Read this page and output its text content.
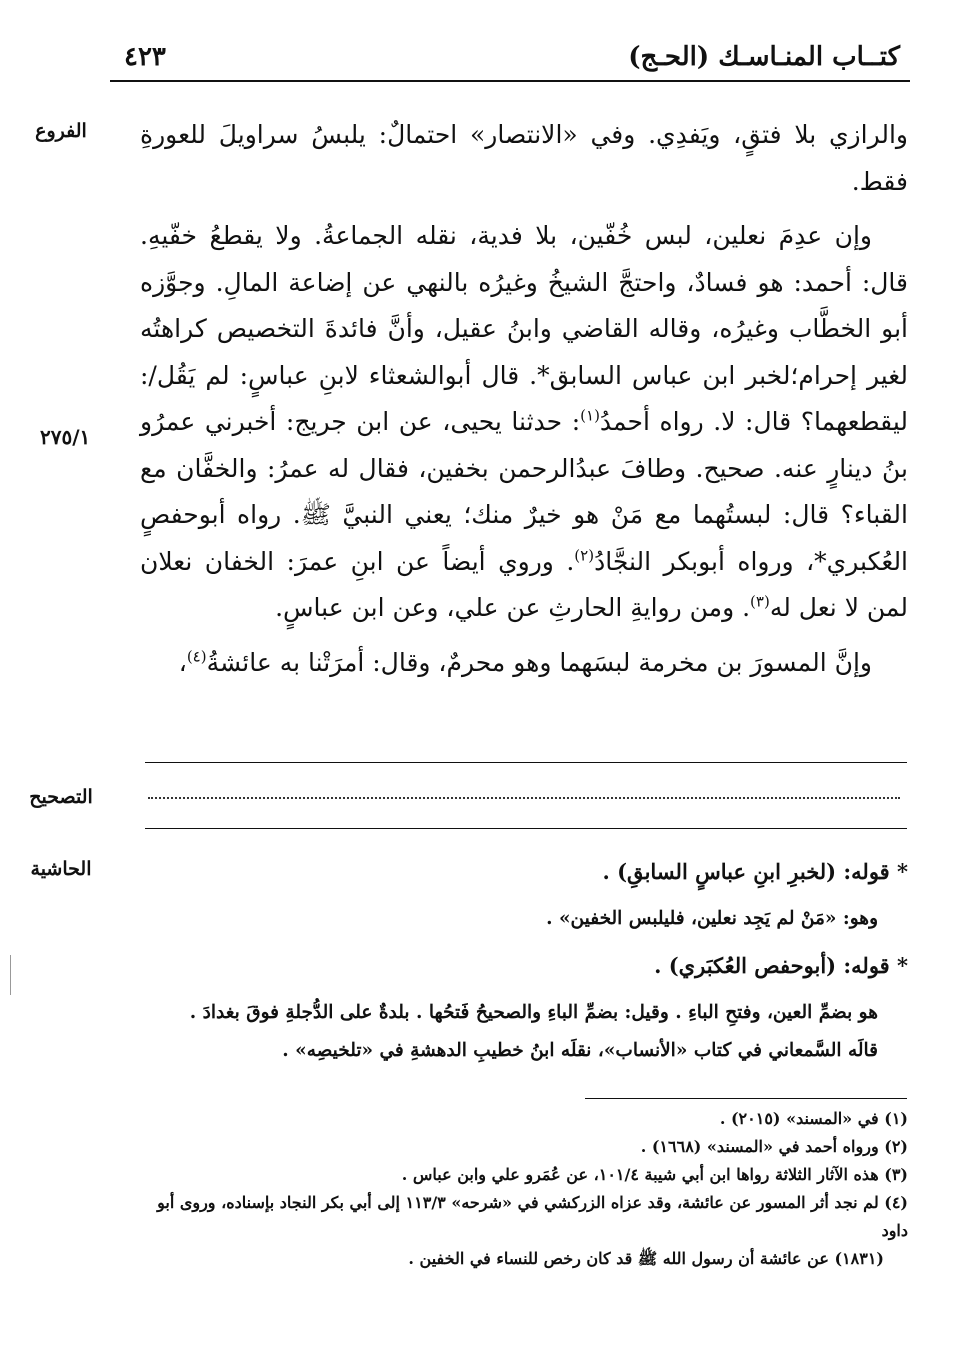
كتــاب المنـاسـك (الحـج)
٤٢٣
الفروع
٢٧٥/١
التصحيح
الحاشية

والرازي بلا فتقٍ، ويَفدِي. وفي «الانتصار» احتمالٌ: يلبسُ سراويلَ للعورةِ فقط.

وإن عدِمَ نعلين، لبس خُفّين، بلا فدية، نقله الجماعةُ. ولا يقطعُ خفّيهِ. قال: أحمد: هو فسادٌ، واحتجَّ الشيخُ وغيرُه بالنهي عن إضاعة المالِ. وجوَّزه أبو الخطَّاب وغيرُه، وقاله القاضي وابنُ عقيل، وأنَّ فائدةَ التخصيص كراهتُه لغير إحرام؛لخبر ابن عباس السابق*. قال أبوالشعثاء لابنِ عباسٍ: لم يَقُل/: ليقطعهما؟ قال: لا. رواه أحمدُ$^{(١)}$: حدثنا يحيى، عن ابن جريج: أخبرني عمرُو بنُ دينارٍ عنه. صحيح. وطافَ عبدُالرحمن بخفين، فقال له عمرُ: والخفَّان مع القباء؟ قال: لبستُهما مع مَنْ هو خيرٌ منك؛ يعني النبيَّ ﷺ. رواه أبوحفصٍ العُكبري*، ورواه أبوبكر النجَّادُ$^{(٢)}$. وروي أيضاً عن ابنِ عمرَ: الخفان نعلان لمن لا نعل له$^{(٣)}$. ومن روايةِ الحارثِ عن علي، وعن ابن عباسٍ.

وإنَّ المسورَ بن مخرمة لبسَهما وهو محرمٌ، وقال: أمرَتْنا به عائشةُ$^{(٤)}$،

* قوله: (لخبرِ ابنِ عباسٍ السابقِ) .

وهو: «مَنْ لم يَجِد نعلين، فليلبس الخفين» .

* قوله: (أبوحفص العُكبَري) .

هو بضمِّ العين، وفتحِ الباءِ . وقيل: بضمِّ الباءِ والصحيحُ فَتحُها . بلدةٌ على الدُّجلةِ فوقَ بغدادَ .

قالَه السَّمعاني في كتاب «الأنساب»، نقلَه ابنُ خطيبِ الدهشةِ في «تلخيصِه» .

(١) في «المسند» (٢٠١٥) .

(٢) ورواه أحمد في «المسند» (١٦٦٨) .

(٣) هذه الآثار الثلاثة رواها ابن أبي شيبة ١٠١/٤، عن عُمَرو علي وابن عباس .

(٤) لم نجد أثر المسور عن عائشة، وقد عزاه الزركشي في «شرحه» ١١٣/٣ إلى أبي بكر النجاد بإسناده، وروى أبو داود

(١٨٣١) عن عائشة أن رسول الله ﷺ قد كان رخص للنساء في الخفين .
